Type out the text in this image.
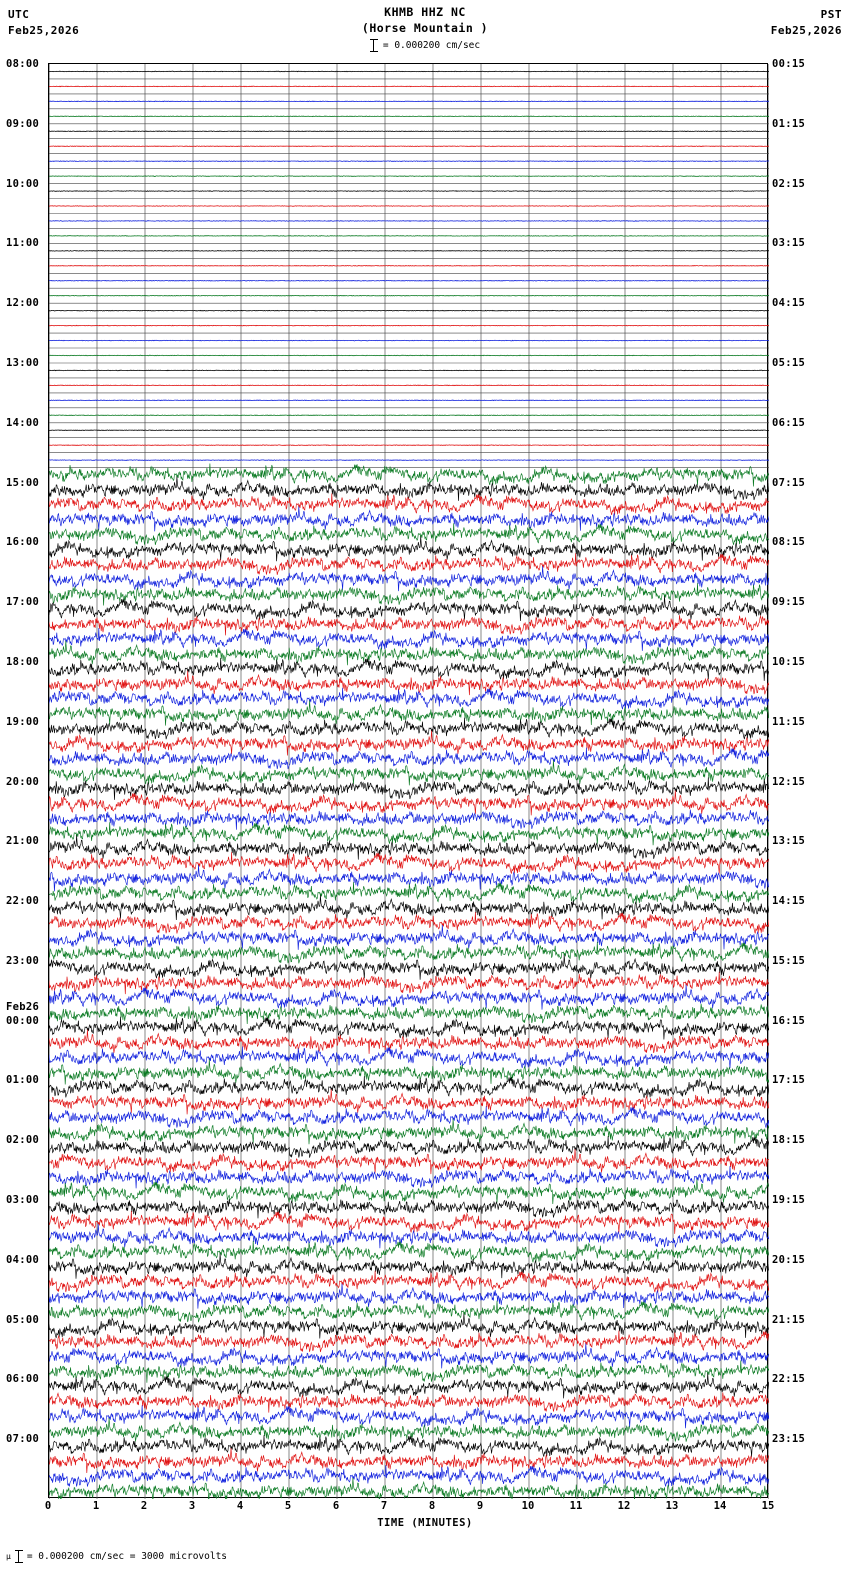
UTC
Feb25,2026
PST
Feb25,2026
KHMB HHZ NC
(Horse Mountain )
= 0.000200 cm/sec
08:00
09:00
10:00
11:00
12:00
13:00
14:00
15:00
16:00
17:00
18:00
19:00
20:00
21:00
22:00
23:00
00:00
Feb26
01:00
02:00
03:00
04:00
05:00
06:00
07:00
00:15
01:15
02:15
03:15
04:15
05:15
06:15
07:15
08:15
09:15
10:15
11:15
12:15
13:15
14:15
15:15
16:15
17:15
18:15
19:15
20:15
21:15
22:15
23:15
0	1	2	3	4	5	6	7	8	9	10	11	12	13	14	15
TIME (MINUTES)
µ = 0.000200 cm/sec = 3000 microvolts
